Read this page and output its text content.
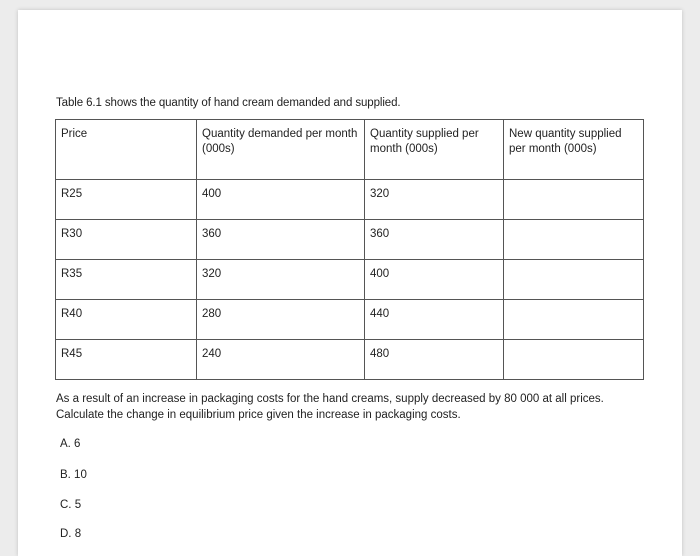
Table 6.1 shows the quantity of hand cream demanded and supplied.
Price	Quantity demanded per month (000s)	Quantity supplied per month (000s)	New quantity supplied per month (000s)
R25	400	320	
R30	360	360	
R35	320	400	
R40	280	440	
R45	240	480	
As a result of an increase in packaging costs for the hand creams, supply decreased by 80 000 at all prices. Calculate the change in equilibrium price given the increase in packaging costs.
A. 6
B. 10
C. 5
D. 8
